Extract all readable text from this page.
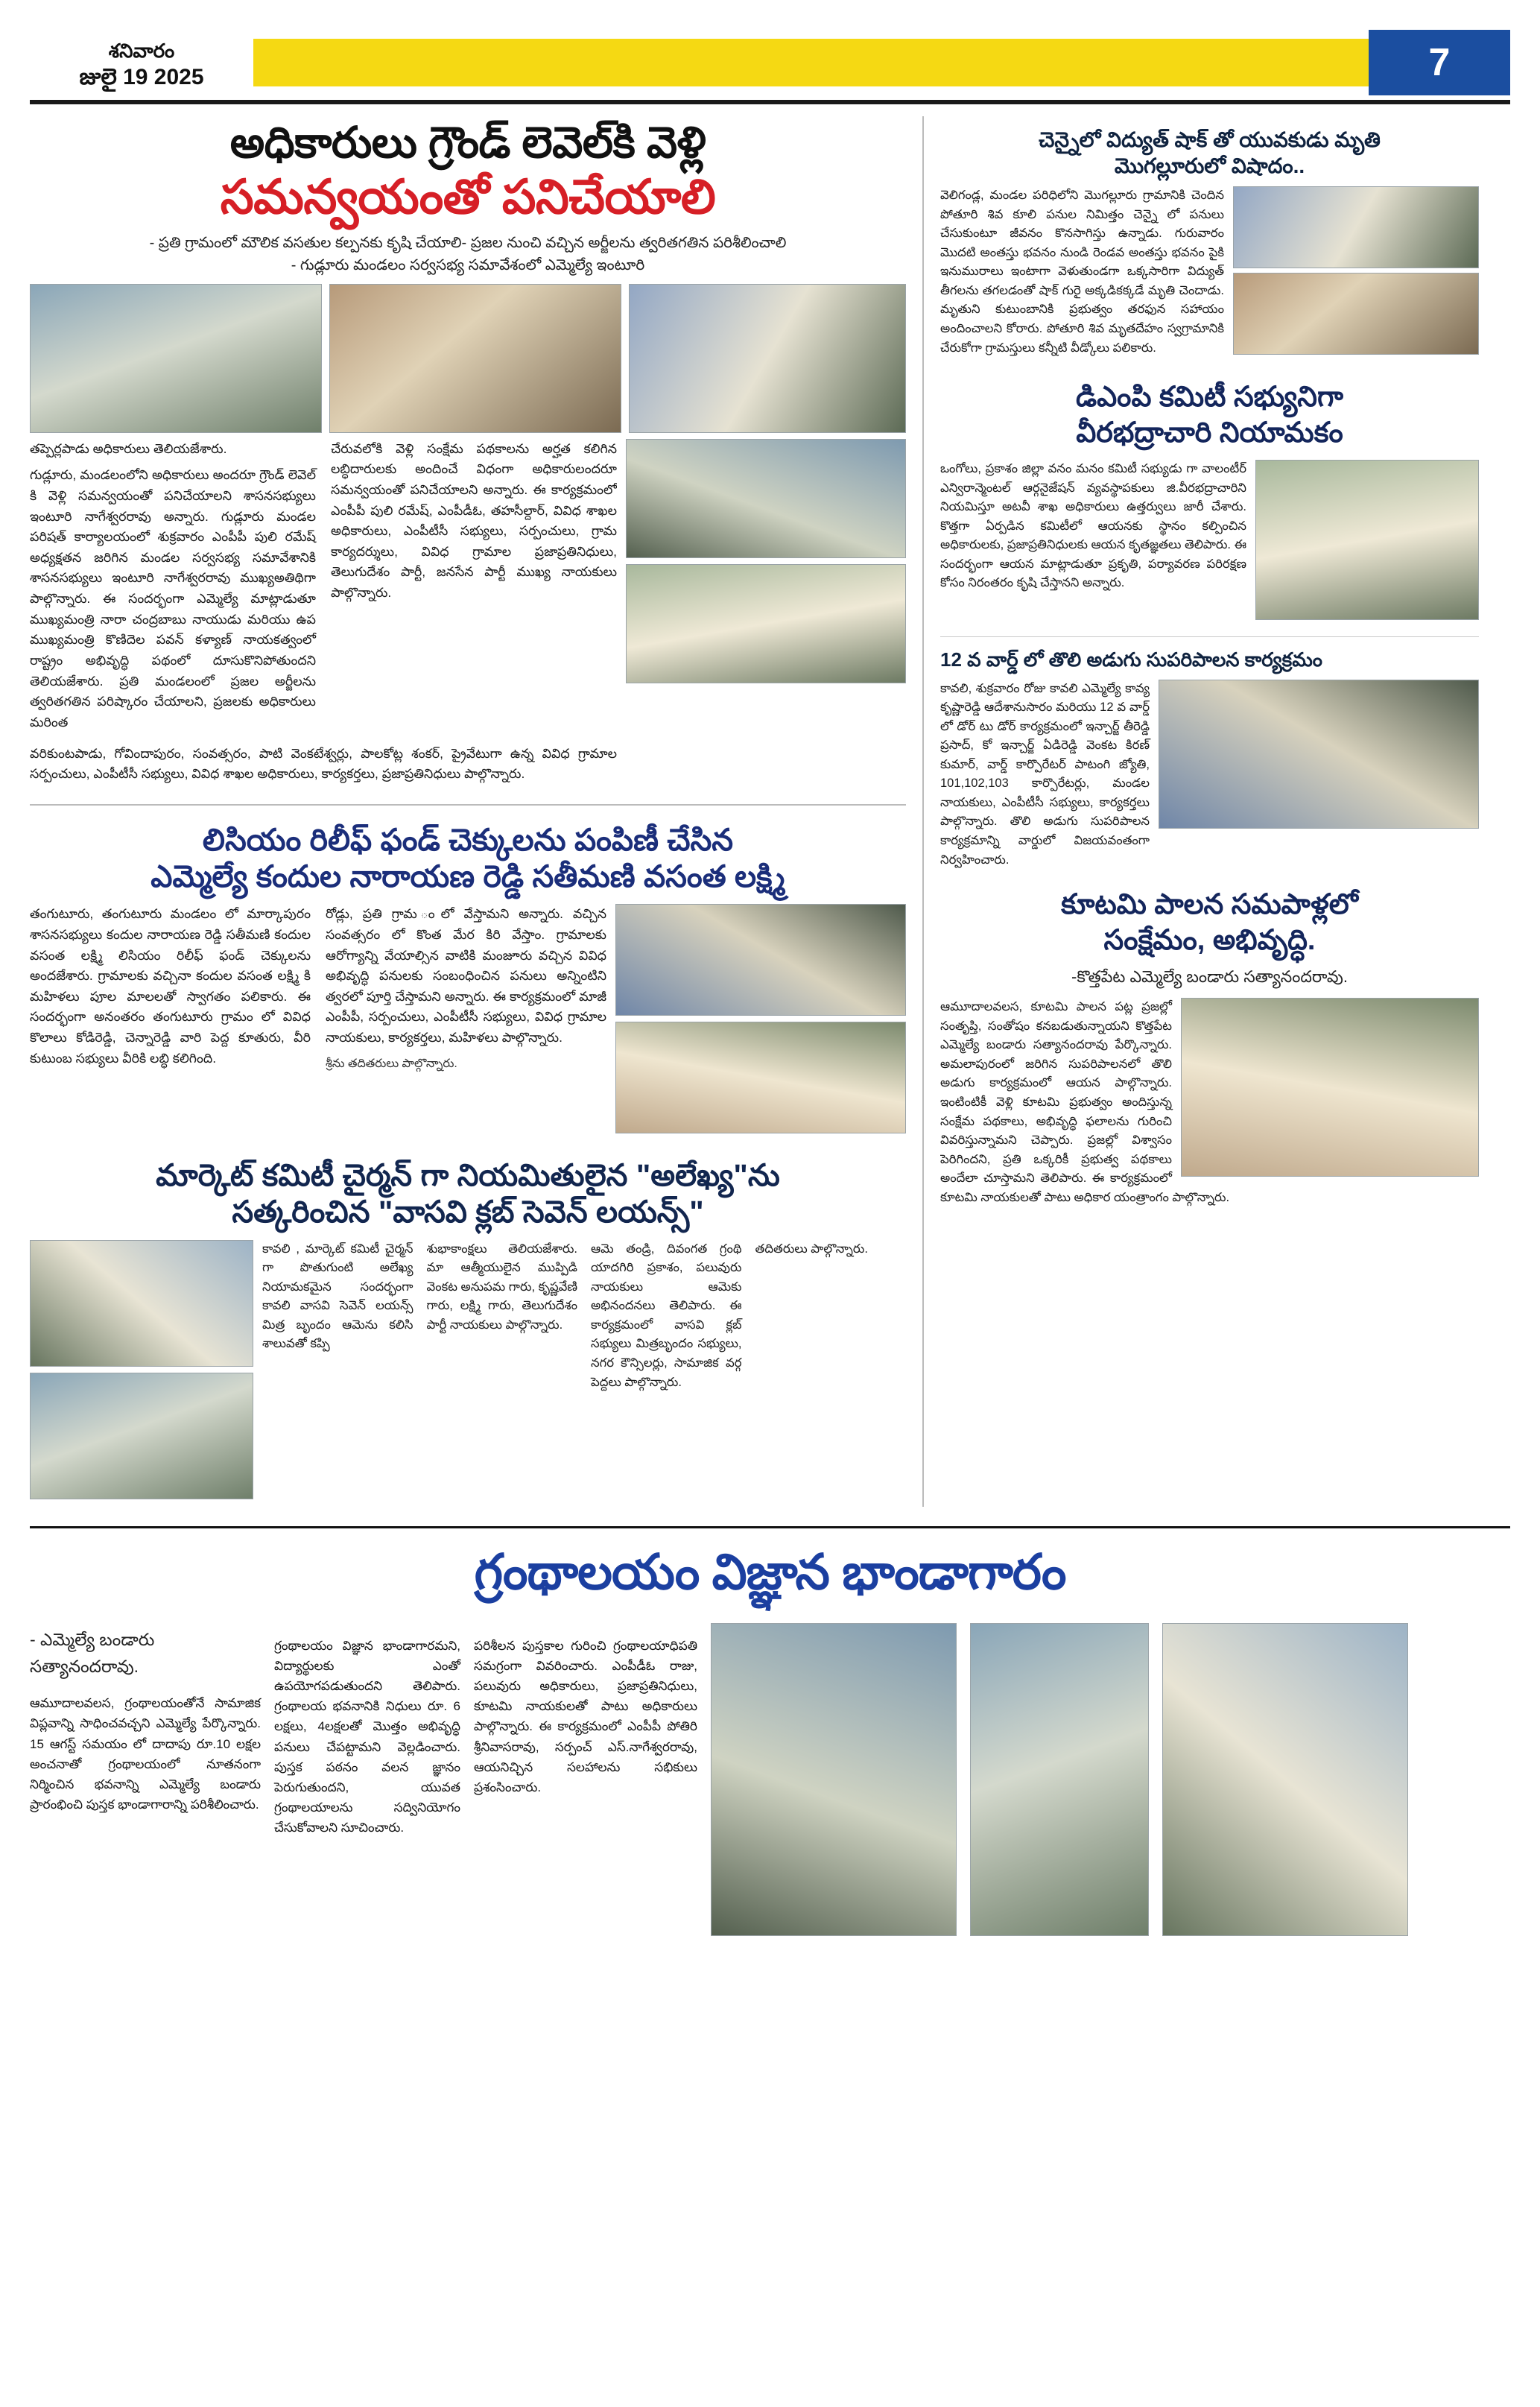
శనివారం
జులై 19 2025	7
అధికారులు గ్రౌండ్ లెవెల్‌కి వెళ్లి
సమన్వయంతో పనిచేయాలి
- ప్రతి గ్రామంలో మౌలిక వసతుల కల్పనకు కృషి చేయాలి- ప్రజల నుంచి వచ్చిన అర్జీలను త్వరితగతిన పరిశీలించాలి
- గుడ్లూరు మండలం సర్వసభ్య సమావేశంలో ఎమ్మెల్యే ఇంటూరి

తప్పెర్లపాడు అధికారులు తెలియజేశారు.

గుడ్లూరు, మండలంలోని అధికారులు అందరూ గ్రౌండ్ లెవెల్ కి వెళ్లి సమన్వయంతో పనిచేయాలని శాసనసభ్యులు ఇంటూరి నాగేశ్వరరావు అన్నారు. గుడ్లూరు మండల పరిషత్ కార్యాలయంలో శుక్రవారం ఎంపీపీ పులి రమేష్ అధ్యక్షతన జరిగిన మండల సర్వసభ్య సమావేశానికి శాసనసభ్యులు ఇంటూరి నాగేశ్వరరావు ముఖ్యఅతిథిగా పాల్గొన్నారు. ఈ సందర్భంగా ఎమ్మెల్యే మాట్లాడుతూ ముఖ్యమంత్రి నారా చంద్రబాబు నాయుడు మరియు ఉప ముఖ్యమంత్రి కొణిదెల పవన్ కళ్యాణ్ నాయకత్వంలో రాష్ట్రం అభివృద్ధి పథంలో దూసుకొనిపోతుందని తెలియజేశారు. ప్రతి మండలంలో ప్రజల అర్జీలను త్వరితగతిన పరిష్కారం చేయాలని, ప్రజలకు అధికారులు మరింత

చేరువలోకి వెళ్లి సంక్షేమ పథకాలను అర్హత కలిగిన లబ్ధిదారులకు అందించే విధంగా అధికారులందరూ సమన్వయంతో పనిచేయాలని అన్నారు. ఈ కార్యక్రమంలో ఎంపీపీ పులి రమేష్, ఎంపీడీఓ, తహసీల్దార్, వివిధ శాఖల అధికారులు, ఎంపీటీసీ సభ్యులు, సర్పంచులు, గ్రామ కార్యదర్శులు, వివిధ గ్రామాల ప్రజాప్రతినిధులు, తెలుగుదేశం పార్టీ, జనసేన పార్టీ ముఖ్య నాయకులు పాల్గొన్నారు.

వరికుంటపాడు, గోవిందాపురం, సంవత్సరం, పాటి వెంకటేశ్వర్లు, పాలకోట్ల శంకర్, ప్రైవేటుగా ఉన్న వివిధ గ్రామాల సర్పంచులు, ఎంపీటీసీ సభ్యులు, వివిధ శాఖల అధికారులు, కార్యకర్తలు, ప్రజాప్రతినిధులు పాల్గొన్నారు.

లిసియం రిలీఫ్ ఫండ్ చెక్కులను పంపిణీ చేసిన
ఎమ్మెల్యే కందుల నారాయణ రెడ్డి సతీమణి వసంత లక్ష్మి

తంగుటూరు, తంగుటూరు మండలం లో మార్కాపురం శాసనసభ్యులు కందుల నారాయణ రెడ్డి సతీమణి కందుల వసంత లక్ష్మి లిసియం రిలీఫ్ ఫండ్ చెక్కులను అందజేశారు. గ్రామాలకు వచ్చినా కందుల వసంత లక్ష్మి కి మహిళలు పూల మాలలతో స్వాగతం పలికారు. ఈ సందర్భంగా అనంతరం తంగుటూరు గ్రామం లో వివిధ కొలాలు కోడిరెడ్డి, చెన్నారెడ్డి వారి పెద్ద కూతురు, వీరి కుటుంబ సభ్యులు వీరికి లబ్ధి కలిగింది.

రోడ్లు, ప్రతి గ్రామ ంలో వేస్తామని అన్నారు. వచ్చిన సంవత్సరం లో కొంత మేర కిరి వేస్తాం. గ్రామాలకు ఆరోగ్యాన్ని వేయాల్సిన వాటికి మంజూరు వచ్చిన వివిధ అభివృద్ధి పనులకు సంబంధించిన పనులు అన్నింటిని త్వరలో పూర్తి చేస్తామని అన్నారు. ఈ కార్యక్రమంలో మాజీ ఎంపీపీ, సర్పంచులు, ఎంపీటీసీ సభ్యులు, వివిధ గ్రామాల నాయకులు, కార్యకర్తలు, మహిళలు పాల్గొన్నారు.

శ్రీను తదితరులు పాల్గొన్నారు.

మార్కెట్ కమిటీ చైర్మన్ గా నియమితులైన "అలేఖ్య"ను
సత్కరించిన "వాసవి క్లబ్ సెవెన్ లయన్స్"

కావలి , మార్కెట్ కమిటీ చైర్మన్ గా పొతుగుంటి అలేఖ్య నియామకమైన సందర్భంగా కావలి వాసవి సెవెన్ లయన్స్ మిత్ర బృందం ఆమెను కలిసి శాలువతో కప్పి

శుభాకాంక్షలు తెలియజేశారు. మా ఆత్మీయులైన ముప్పిడి వెంకట అనుపమ గారు, కృష్ణవేణి గారు, లక్ష్మి గారు, తెలుగుదేశం పార్టీ నాయకులు పాల్గొన్నారు.

ఆమె తండ్రి, దివంగత గ్రంథి యాదగిరి ప్రకాశం, పలువురు నాయకులు ఆమెకు అభినందనలు తెలిపారు. ఈ కార్యక్రమంలో వాసవి క్లబ్ సభ్యులు మిత్రబృందం సభ్యులు, నగర కౌన్సిలర్లు, సామాజిక వర్గ పెద్దలు పాల్గొన్నారు.

తదితరులు పాల్గొన్నారు.

చెన్నైలో విద్యుత్ షాక్ తో యువకుడు మృతి
మొగల్లూరులో విషాదం..
వెలిగండ్ల, మండల పరిధిలోని మొగల్లూరు గ్రామానికి చెందిన పోతూరి శివ కూలి పనుల నిమిత్తం చెన్నై లో పనులు చేసుకుంటూ జీవనం కొనసాగిస్తు ఉన్నాడు. గురువారం మొదటి అంతస్తు భవనం నుండి రెండవ అంతస్తు భవనం పైకి ఇనుమురాలు ఇంటాగా వెళుతుండగా ఒక్కసారిగా విద్యుత్ తీగలను తగలడంతో షాక్ గురై అక్కడికక్కడే మృతి చెందాడు. మృతుని కుటుంబానికి ప్రభుత్వం తరఫున సహాయం అందించాలని కోరారు. పోతూరి శివ మృతదేహం స్వగ్రామానికి చేరుకోగా గ్రామస్తులు కన్నీటి వీడ్కోలు పలికారు.
డిఎంపి కమిటీ సభ్యునిగా
వీరభద్రాచారి నియామకం
ఒంగోలు, ప్రకాశం జిల్లా వనం మనం కమిటీ సభ్యుడు గా వాలంటీర్ ఎన్విరాన్మెంటల్ ఆర్గనైజేషన్ వ్యవస్థాపకులు జి.వీరభద్రాచారిని నియమిస్తూ అటవీ శాఖ అధికారులు ఉత్తర్వులు జారీ చేశారు. కొత్తగా ఏర్పడిన కమిటీలో ఆయనకు స్థానం కల్పించిన అధికారులకు, ప్రజాప్రతినిధులకు ఆయన కృతజ్ఞతలు తెలిపారు. ఈ సందర్భంగా ఆయన మాట్లాడుతూ ప్రకృతి, పర్యావరణ పరిరక్షణ కోసం నిరంతరం కృషి చేస్తానని అన్నారు.
12 వ వార్డ్ లో తొలి అడుగు సుపరిపాలన కార్యక్రమం
కావలి, శుక్రవారం రోజు కావలి ఎమ్మెల్యే కావ్య కృష్ణారెడ్డి ఆదేశానుసారం మరియు 12 వ వార్డ్ లో డోర్ టు డోర్ కార్యక్రమంలో ఇన్చార్జ్ తీరెడ్డి ప్రసాద్, కో ఇన్చార్జ్ ఏడిరెడ్డి వెంకట కిరణ్ కుమార్, వార్డ్ కార్పొరేటర్ పాటంగి జ్యోతి, 101,102,103 కార్పొరేటర్లు, మండల నాయకులు, ఎంపీటీసీ సభ్యులు, కార్యకర్తలు పాల్గొన్నారు. తొలి అడుగు సుపరిపాలన కార్యక్రమాన్ని వార్డులో విజయవంతంగా నిర్వహించారు.
కూటమి పాలన సమపాళ్లలో
సంక్షేమం, అభివృద్ధి.
-కొత్తపేట ఎమ్మెల్యే బండారు సత్యానందరావు.
ఆమూదాలవలస, కూటమి పాలన పట్ల ప్రజల్లో సంతృప్తి, సంతోషం కనబడుతున్నాయని కొత్తపేట ఎమ్మెల్యే బండారు సత్యానందరావు పేర్కొన్నారు. అమలాపురంలో జరిగిన సుపరిపాలనలో తొలి అడుగు కార్యక్రమంలో ఆయన పాల్గొన్నారు. ఇంటింటికీ వెళ్లి కూటమి ప్రభుత్వం అందిస్తున్న సంక్షేమ పథకాలు, అభివృద్ధి ఫలాలను గురించి వివరిస్తున్నామని చెప్పారు. ప్రజల్లో విశ్వాసం పెరిగిందని, ప్రతి ఒక్కరికీ ప్రభుత్వ పథకాలు అందేలా చూస్తామని తెలిపారు. ఈ కార్యక్రమంలో కూటమి నాయకులతో పాటు అధికార యంత్రాంగం పాల్గొన్నారు.
గ్రంథాలయం విజ్ఞాన భాండాగారం
- ఎమ్మెల్యే బండారు సత్యానందరావు.

ఆమూదాలవలస, గ్రంథాలయంతోనే సామాజిక విప్లవాన్ని సాధించవచ్చని ఎమ్మెల్యే పేర్కొన్నారు. 15 ఆగస్ట్ సమయం లో దాదాపు రూ.10 లక్షల అంచనాతో గ్రంథాలయంలో నూతనంగా నిర్మించిన భవనాన్ని ఎమ్మెల్యే బండారు ప్రారంభించి పుస్తక భాండాగారాన్ని పరిశీలించారు.

గ్రంథాలయం విజ్ఞాన భాండాగారమని, విద్యార్థులకు ఎంతో ఉపయోగపడుతుందని తెలిపారు. గ్రంథాలయ భవనానికి నిధులు రూ. 6 లక్షలు, 4లక్షలతో మొత్తం అభివృద్ధి పనులు చేపట్టామని వెల్లడించారు. పుస్తక పఠనం వలన జ్ఞానం పెరుగుతుందని, యువత గ్రంథాలయాలను సద్వినియోగం చేసుకోవాలని సూచించారు.

పరిశీలన పుస్తకాల గురించి గ్రంథాలయాధిపతి సమగ్రంగా వివరించారు. ఎంపీడీఓ రాజు, పలువురు అధికారులు, ప్రజాప్రతినిధులు, కూటమి నాయకులతో పాటు అధికారులు పాల్గొన్నారు. ఈ కార్యక్రమంలో ఎంపీపీ పోతిరి శ్రీనివాసరావు, సర్పంచ్ ఎస్.నాగేశ్వరరావు, ఆయనిచ్చిన సలహాలను సభికులు ప్రశంసించారు.
